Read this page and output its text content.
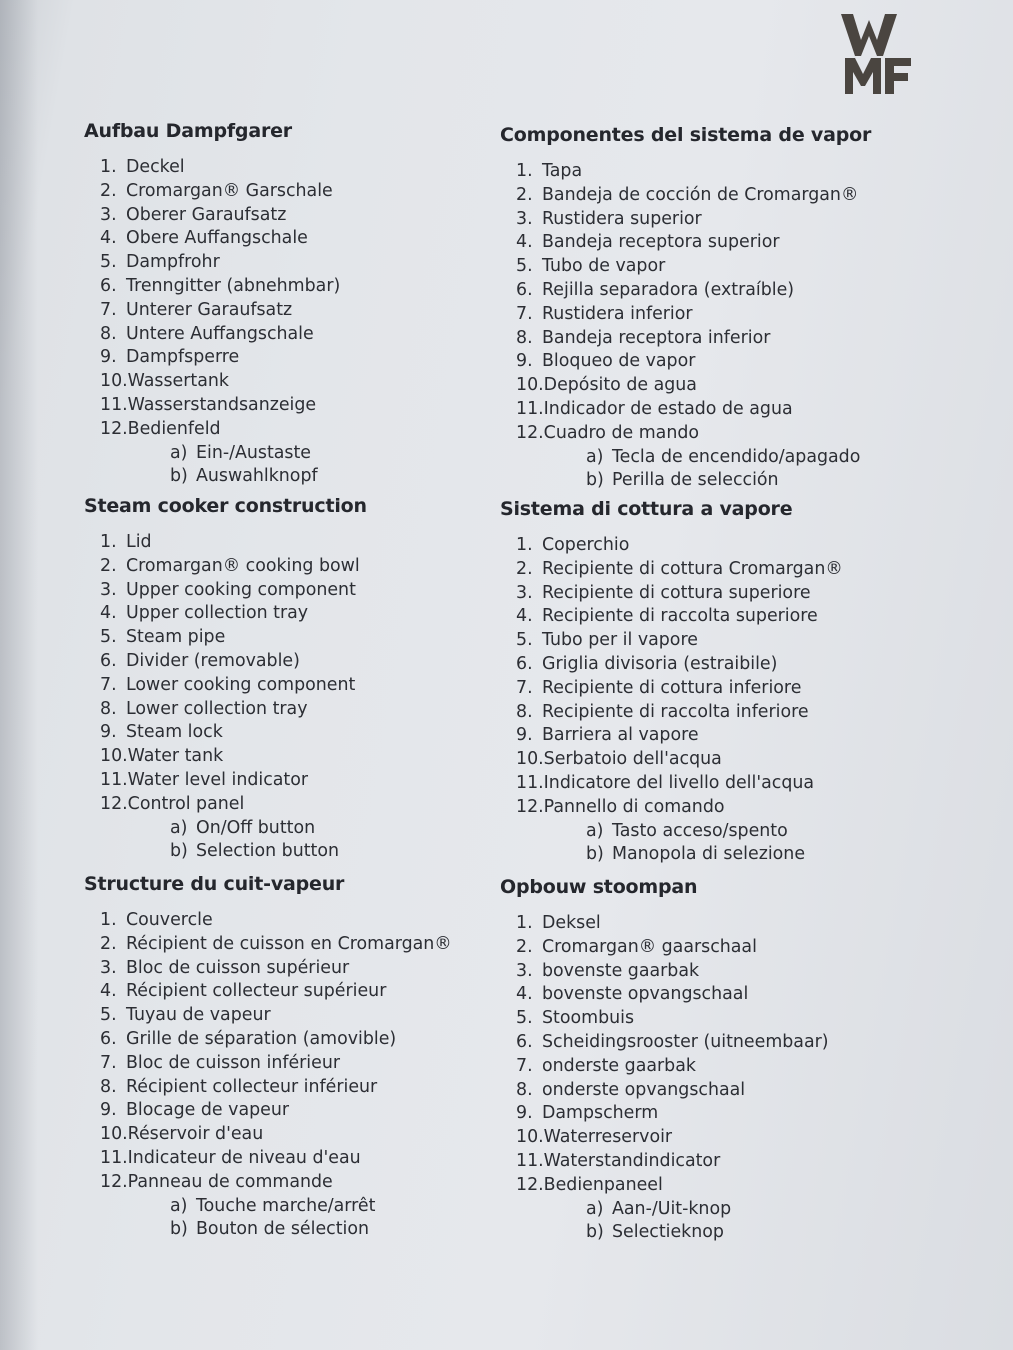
Aufbau Dampfgarer
1. Deckel
2. Cromargan® Garschale
3. Oberer Garaufsatz
4. Obere Auffangschale
5. Dampfrohr
6. Trenngitter (abnehmbar)
7. Unterer Garaufsatz
8. Untere Auffangschale
9. Dampfsperre
10.Wassertank
11.Wasserstandsanzeige
12.Bedienfeld
a) Ein-/Austaste
b) Auswahlknopf
Steam cooker construction
1. Lid
2. Cromargan® cooking bowl
3. Upper cooking component
4. Upper collection tray
5. Steam pipe
6. Divider (removable)
7. Lower cooking component
8. Lower collection tray
9. Steam lock
10.Water tank
11.Water level indicator
12.Control panel
a) On/Off button
b) Selection button
Structure du cuit-vapeur
1. Couvercle
2. Récipient de cuisson en Cromargan®
3. Bloc de cuisson supérieur
4. Récipient collecteur supérieur
5. Tuyau de vapeur
6. Grille de séparation (amovible)
7. Bloc de cuisson inférieur
8. Récipient collecteur inférieur
9. Blocage de vapeur
10.Réservoir d'eau
11.Indicateur de niveau d'eau
12.Panneau de commande
a) Touche marche/arrêt
b) Bouton de sélection
Componentes del sistema de vapor
1. Tapa
2. Bandeja de cocción de Cromargan®
3. Rustidera superior
4. Bandeja receptora superior
5. Tubo de vapor
6. Rejilla separadora (extraíble)
7. Rustidera inferior
8. Bandeja receptora inferior
9. Bloqueo de vapor
10.Depósito de agua
11.Indicador de estado de agua
12.Cuadro de mando
a) Tecla de encendido/apagado
b) Perilla de selección
Sistema di cottura a vapore
1. Coperchio
2. Recipiente di cottura Cromargan®
3. Recipiente di cottura superiore
4. Recipiente di raccolta superiore
5. Tubo per il vapore
6. Griglia divisoria (estraibile)
7. Recipiente di cottura inferiore
8. Recipiente di raccolta inferiore
9. Barriera al vapore
10.Serbatoio dell'acqua
11.Indicatore del livello dell'acqua
12.Pannello di comando
a) Tasto acceso/spento
b) Manopola di selezione
Opbouw stoompan
1. Deksel
2. Cromargan® gaarschaal
3. bovenste gaarbak
4. bovenste opvangschaal
5. Stoombuis
6. Scheidingsrooster (uitneembaar)
7. onderste gaarbak
8. onderste opvangschaal
9. Dampscherm
10.Waterreservoir
11.Waterstandindicator
12.Bedienpaneel
a) Aan-/Uit-knop
b) Selectieknop
